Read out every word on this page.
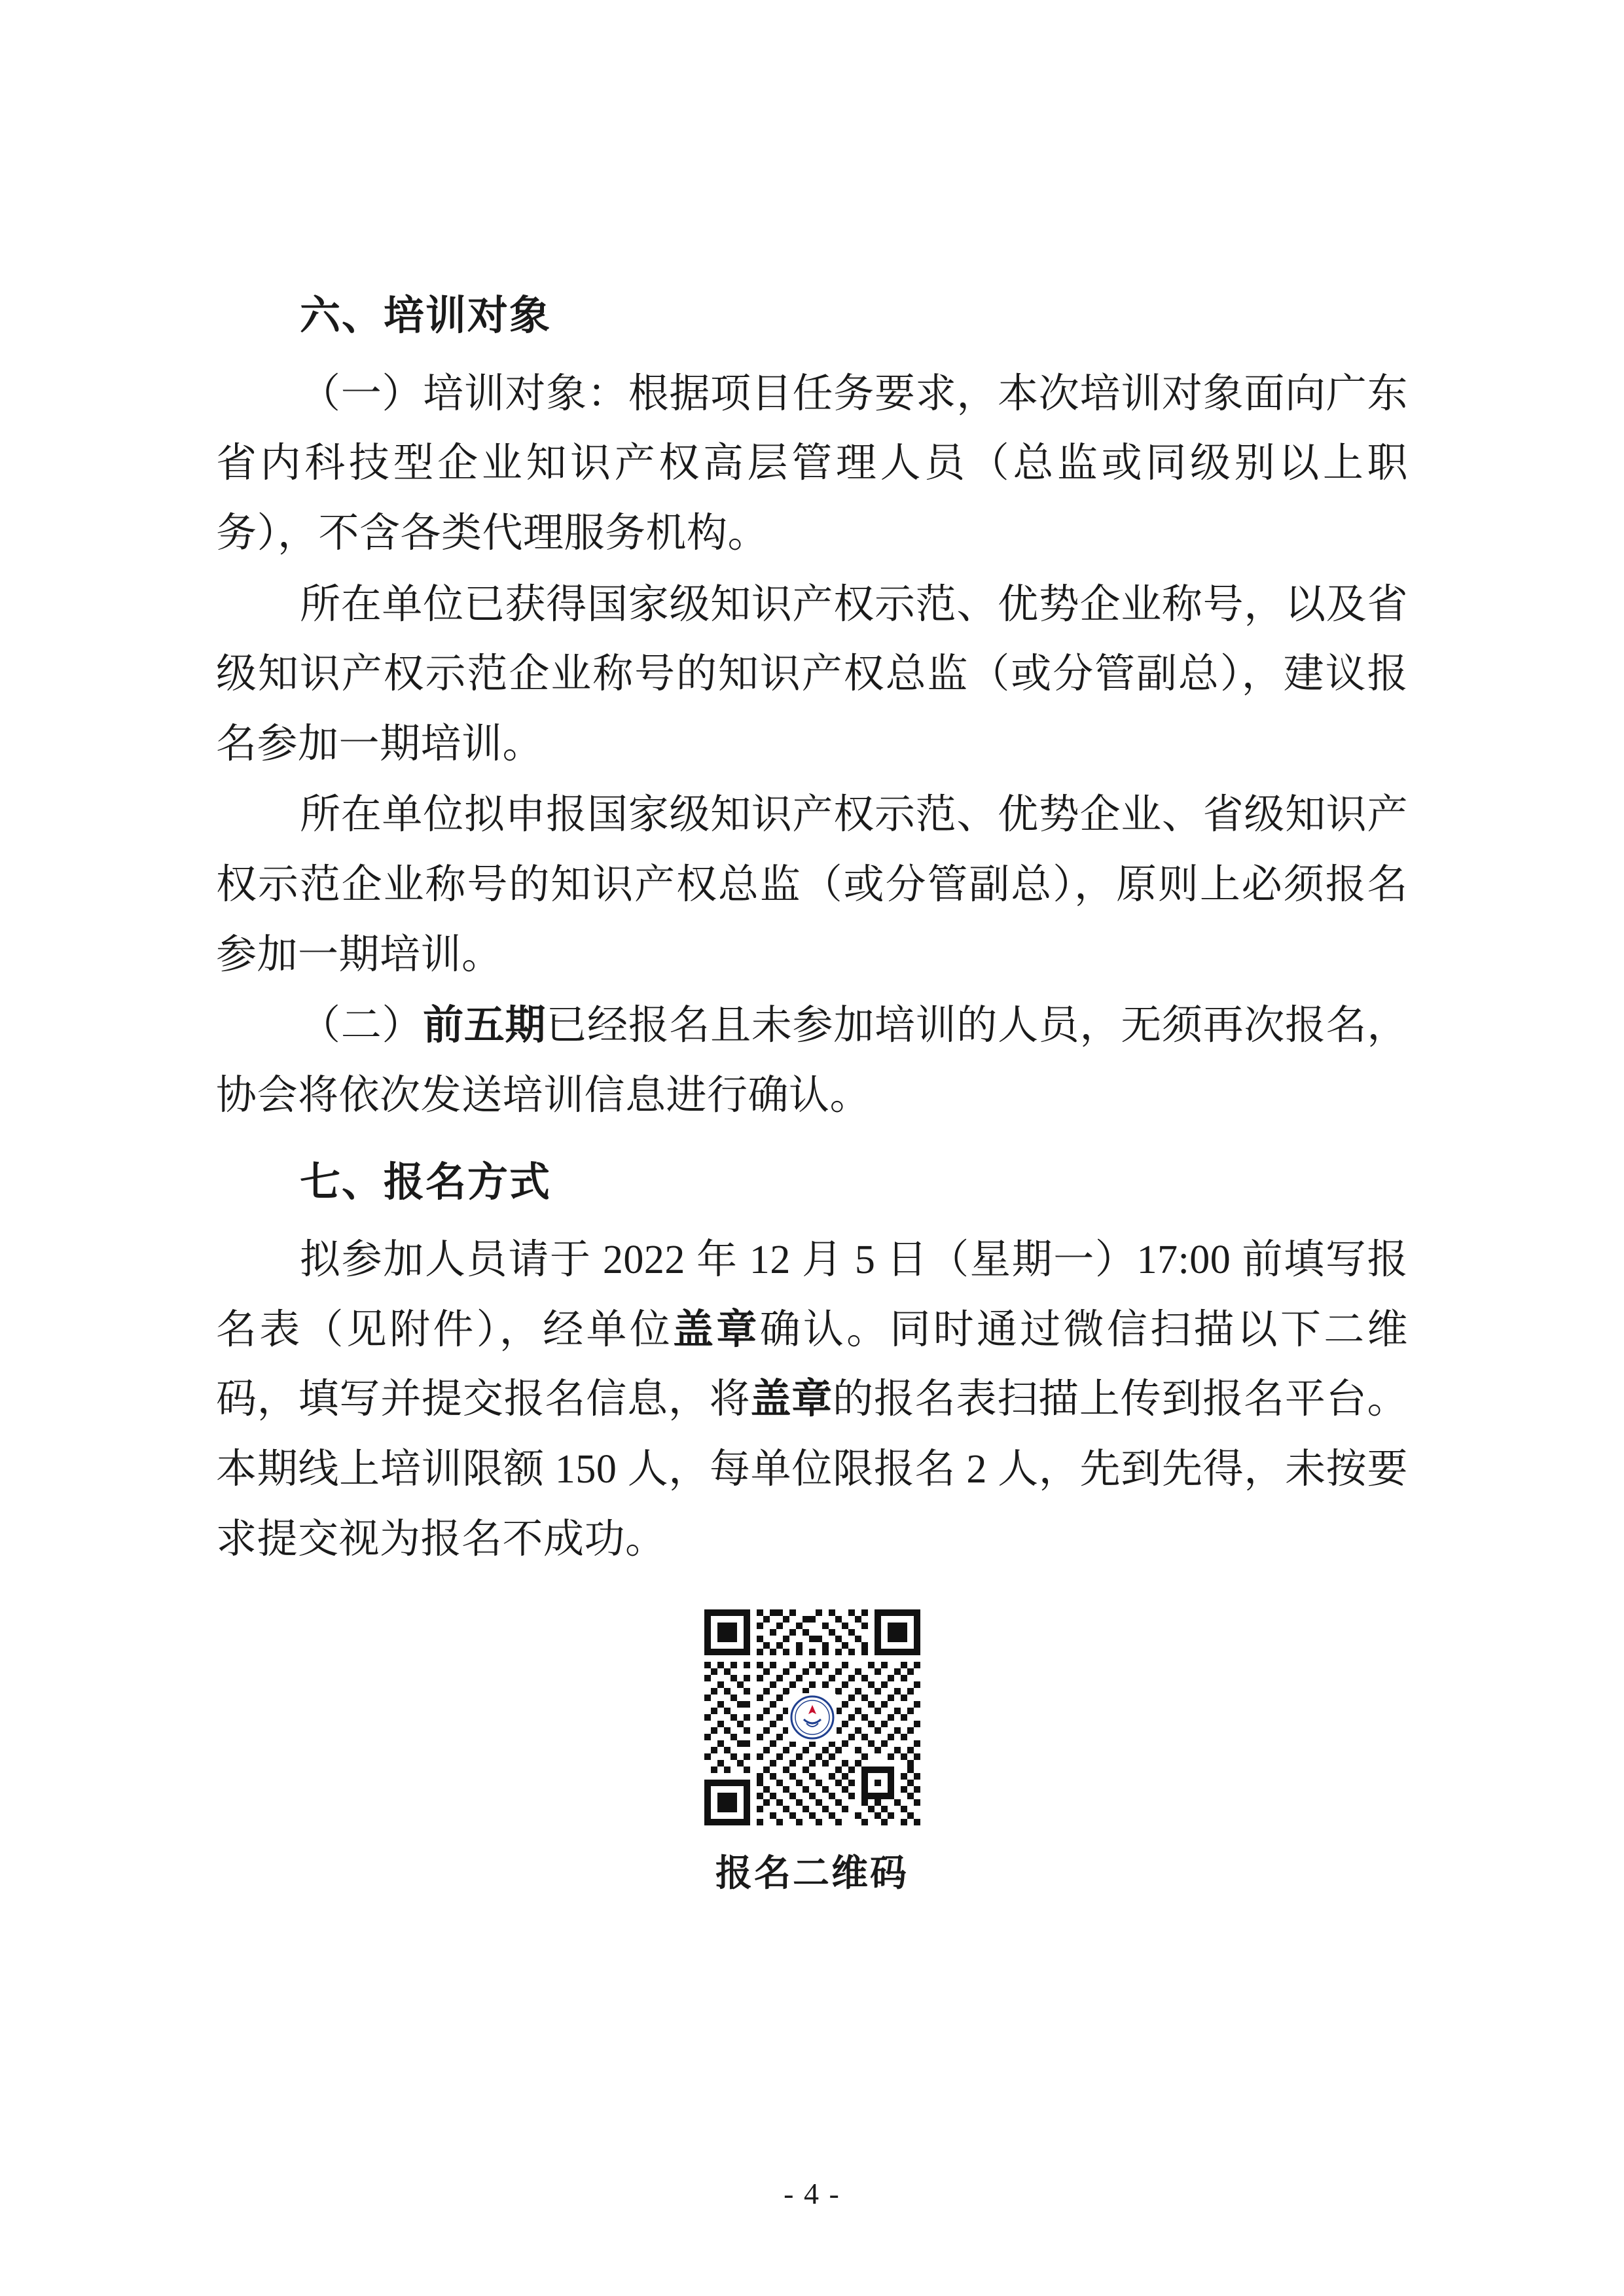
六、培训对象

（一）培训对象：根据项目任务要求，本次培训对象面向广东省内科技型企业知识产权高层管理人员（总监或同级别以上职务），不含各类代理服务机构。

所在单位已获得国家级知识产权示范、优势企业称号，以及省级知识产权示范企业称号的知识产权总监（或分管副总），建议报名参加一期培训。

所在单位拟申报国家级知识产权示范、优势企业、省级知识产权示范企业称号的知识产权总监（或分管副总），原则上必须报名参加一期培训。

（二）前五期已经报名且未参加培训的人员，无须再次报名，协会将依次发送培训信息进行确认。

七、报名方式

拟参加人员请于 2022 年 12 月 5 日（星期一）17:00 前填写报名表（见附件），经单位盖章确认。同时通过微信扫描以下二维码，填写并提交报名信息，将盖章的报名表扫描上传到报名平台。本期线上培训限额 150 人，每单位限报名 2 人，先到先得，未按要求提交视为报名不成功。

报名二维码
- 4 -
